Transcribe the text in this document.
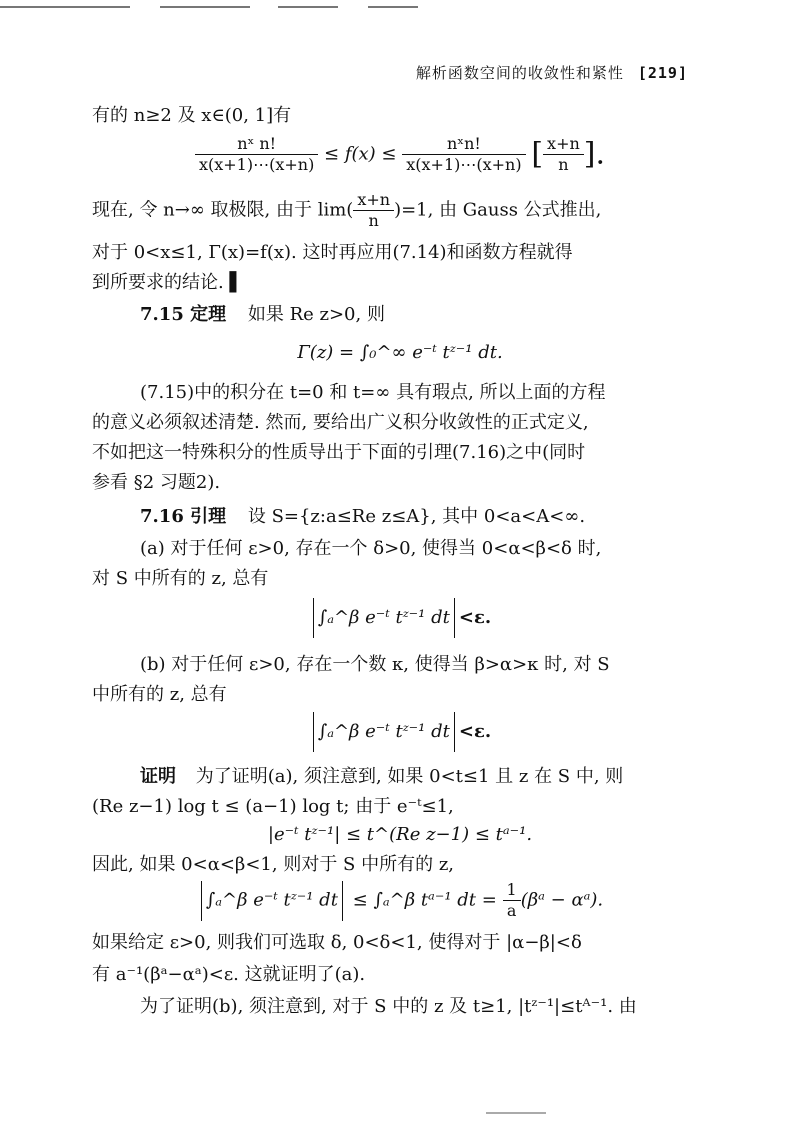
解析函数空间的收敛性和紧性 [219]
有的 n≥2 及 x∈(0, 1]有
$\frac{\text{nˣ n!}}{x(x+1)\cdots(x+n)} \le f(x) \le \frac{\text{nˣn!}}{x(x+1)\cdots(x+n)}$ [ $\frac{x+n}{n}$ ].
现在, 令 n→∞ 取极限, 由于 $\lim( \frac{x+n}{n} )=1$, 由 Gauss 公式推出,
对于 0<x≤1, Γ(x)=f(x). 这时再应用(7.14)和函数方程就得
到所要求的结论. ▌
7.15 定理 如果 Re z>0, 则
Γ(z) = ∫₀^∞ e⁻ᵗ tᶻ⁻¹ dt.
(7.15)中的积分在 t=0 和 t=∞ 具有瑕点, 所以上面的方程
的意义必须叙述清楚. 然而, 要给出广义积分收敛性的正式定义,
不如把这一特殊积分的性质导出于下面的引理(7.16)之中(同时
参看 §2 习题2).
7.16 引理 设 S={z:a≤Re z≤A}, 其中 0<a<A<∞.
(a) 对于任何 ε>0, 存在一个 δ>0, 使得当 0<α<β<δ 时,
对 S 中所有的 z, 总有
∫ₐ^β e⁻ᵗ tᶻ⁻¹ dt <ε.
(b) 对于任何 ε>0, 存在一个数 κ, 使得当 β>α>κ 时, 对 S
中所有的 z, 总有
∫ₐ^β e⁻ᵗ tᶻ⁻¹ dt <ε.
证明 为了证明(a), 须注意到, 如果 0<t≤1 且 z 在 S 中, 则
(Re z−1) log t ≤ (a−1) log t; 由于 e⁻ᵗ≤1,
|e⁻ᵗ tᶻ⁻¹| ≤ t^(Re z−1) ≤ tᵃ⁻¹.
因此, 如果 0<α<β<1, 则对于 S 中所有的 z,
∫ₐ^β e⁻ᵗ tᶻ⁻¹ dt ≤ ∫ₐ^β tᵃ⁻¹ dt = $\frac{1}{a}$ (βᵃ − αᵃ).
如果给定 ε>0, 则我们可选取 δ, 0<δ<1, 使得对于 |α−β|<δ
有 a⁻¹(βᵃ−αᵃ)<ε. 这就证明了(a).
为了证明(b), 须注意到, 对于 S 中的 z 及 t≥1, |tᶻ⁻¹|≤tᴬ⁻¹. 由
